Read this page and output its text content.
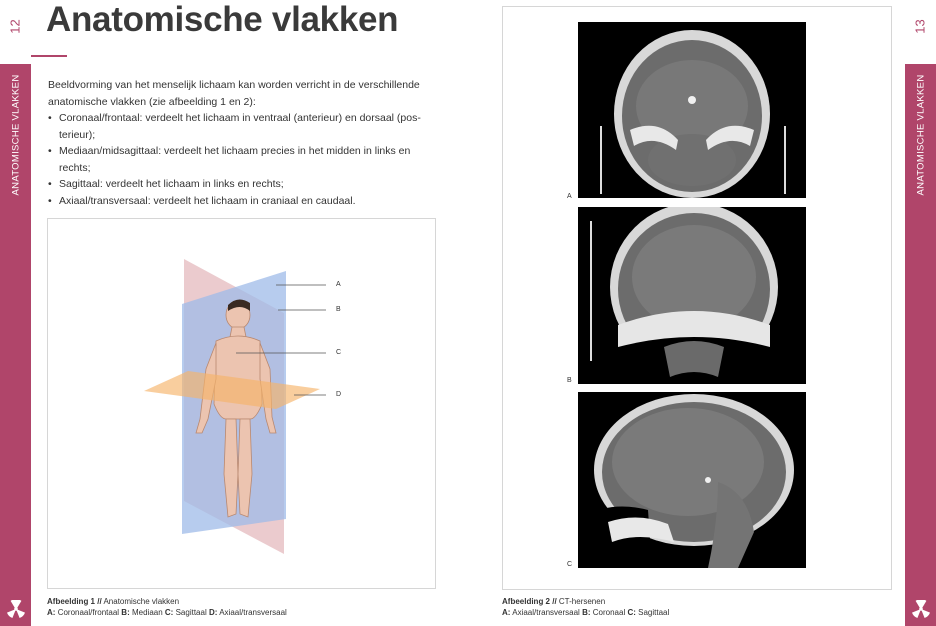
12
ANATOMISCHE VLAKKEN
13
ANATOMISCHE VLAKKEN
Anatomische vlakken

Beeldvorming van het menselijk lichaam kan worden verricht in de verschillende anatomische vlakken (zie afbeelding 1 en 2):

• Coronaal/frontaal: verdeelt het lichaam in ventraal (anterieur) en dorsaal (pos-terieur);
• Mediaan/midsagittaal: verdeelt het lichaam precies in het midden in links en rechts;
• Sagittaal: verdeelt het lichaam in links en rechts;
• Axiaal/transversaal: verdeelt het lichaam in craniaal en caudaal.
A
B
C
D
Afbeelding 1 // Anatomische vlakken
A: Coronaal/frontaal B: Mediaan C: Sagittaal D: Axiaal/transversaal
A
B
C
Afbeelding 2 // CT-hersenen
A: Axiaal/transversaal B: Coronaal C: Sagittaal
